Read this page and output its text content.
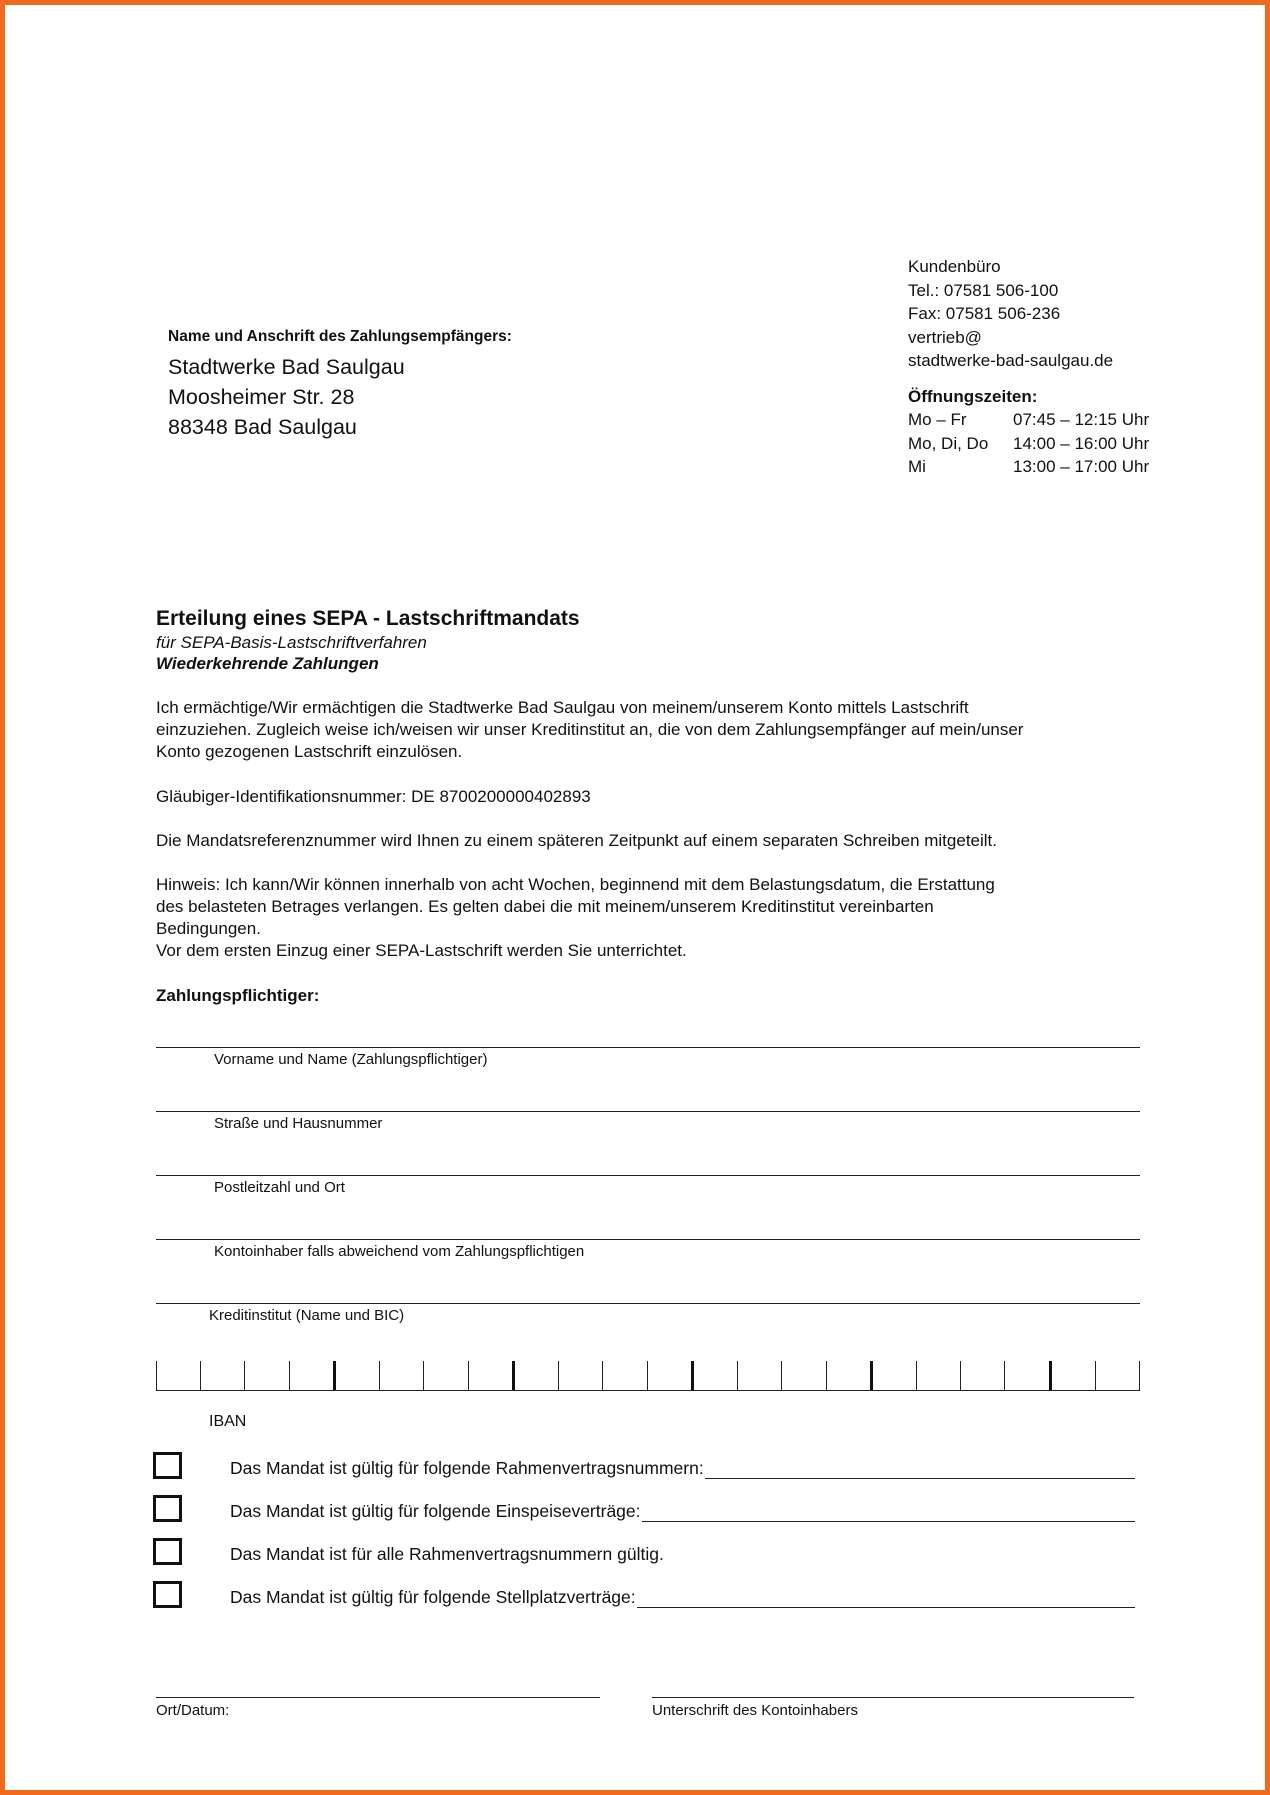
Kundenbüro
Tel.: 07581 506-100
Fax: 07581 506-236
vertrieb@
stadtwerke-bad-saulgau.de
Öffnungszeiten:
Mo – Fr	07:45 – 12:15 Uhr
Mo, Di, Do	14:00 – 16:00 Uhr
Mi	13:00 – 17:00 Uhr
Name und Anschrift des Zahlungsempfängers:
Stadtwerke Bad Saulgau
Moosheimer Str. 28
88348 Bad Saulgau
Erteilung eines SEPA - Lastschriftmandats
für SEPA-Basis-Lastschriftverfahren
Wiederkehrende Zahlungen

Ich ermächtige/Wir ermächtigen die Stadtwerke Bad Saulgau von meinem/unserem Konto mittels Lastschrift

einzuziehen. Zugleich weise ich/weisen wir unser Kreditinstitut an, die von dem Zahlungsempfänger auf mein/unser

Konto gezogenen Lastschrift einzulösen.

Gläubiger-Identifikationsnummer: DE 8700200000402893
Die Mandatsreferenznummer wird Ihnen zu einem späteren Zeitpunkt auf einem separaten Schreiben mitgeteilt.

Hinweis: Ich kann/Wir können innerhalb von acht Wochen, beginnend mit dem Belastungsdatum, die Erstattung

des belasteten Betrages verlangen. Es gelten dabei die mit meinem/unserem Kreditinstitut vereinbarten

Bedingungen.

Vor dem ersten Einzug einer SEPA-Lastschrift werden Sie unterrichtet.

Zahlungspflichtiger:
Vorname und Name (Zahlungspflichtiger)
Straße und Hausnummer
Postleitzahl und Ort
Kontoinhaber falls abweichend vom Zahlungspflichtigen
Kreditinstitut (Name und BIC)
IBAN
Das Mandat ist gültig für folgende Rahmenvertragsnummern:
Das Mandat ist gültig für folgende Einspeiseverträge:
Das Mandat ist für alle Rahmenvertragsnummern gültig.
Das Mandat ist gültig für folgende Stellplatzverträge:
Ort/Datum:	Unterschrift des Kontoinhabers
